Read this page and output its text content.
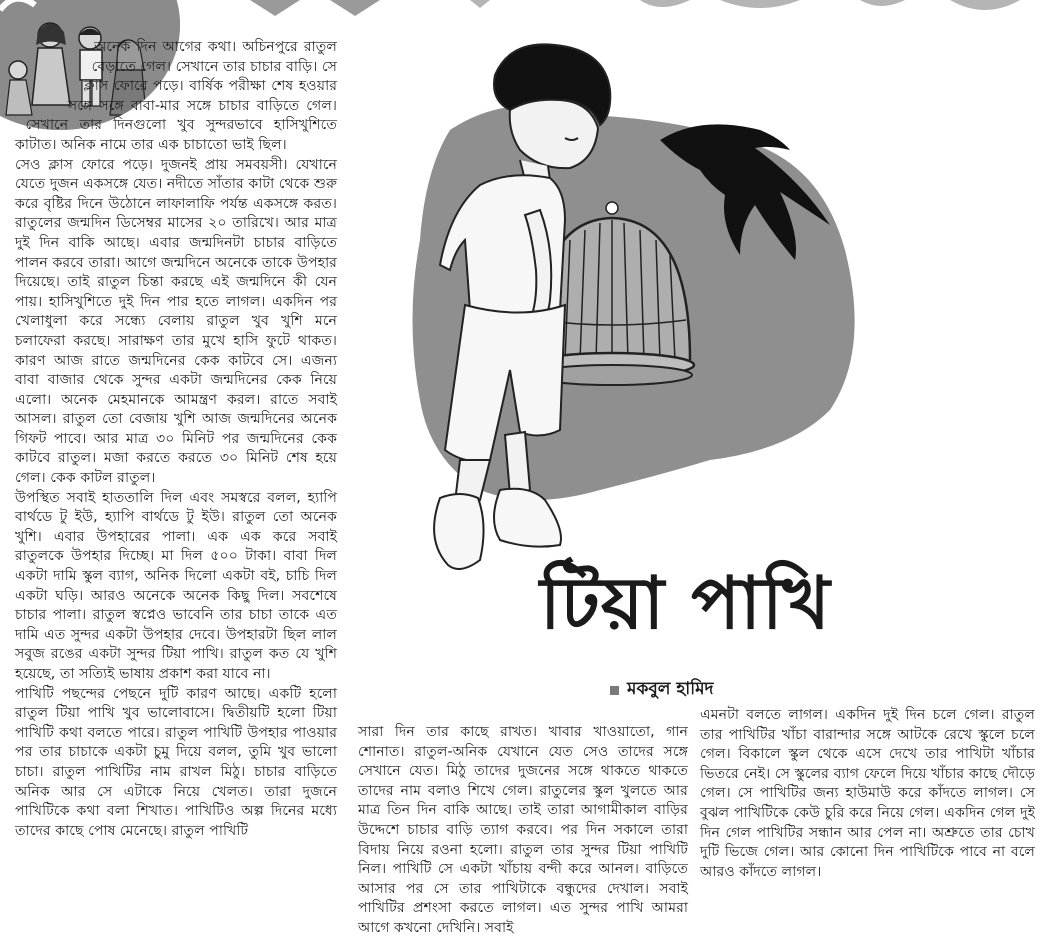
অনেক দিন আগের কথা। অচিনপুরে রাতুল বেড়াতে গেল। সেখানে তার চাচার বাড়ি। সে ক্লাস ফোরে পড়ে। বার্ষিক পরীক্ষা শেষ হওয়ার সঙ্গে সঙ্গে বাবা-মার সঙ্গে চাচার বাড়িতে গেল। সেখানে তার দিনগুলো খুব সুন্দরভাবে হাসিখুশিতে কাটাত। অনিক নামে তার এক চাচাতো ভাই ছিল।

সেও ক্লাস ফোরে পড়ে। দুজনই প্রায় সমবয়সী। যেখানে যেতে দুজন একসঙ্গে যেত। নদীতে সাঁতার কাটা থেকে শুরু করে বৃষ্টির দিনে উঠোনে লাফালাফি পর্যন্ত একসঙ্গে করত। রাতুলের জন্মদিন ডিসেম্বর মাসের ২০ তারিখে। আর মাত্র দুই দিন বাকি আছে। এবার জন্মদিনটা চাচার বাড়িতে পালন করবে তারা। আগে জন্মদিনে অনেকে তাকে উপহার দিয়েছে। তাই রাতুল চিন্তা করছে এই জন্মদিনে কী যেন পায়। হাসিখুশিতে দুই দিন পার হতে লাগল। একদিন পর খেলাধুলা করে সন্ধ্যে বেলায় রাতুল খুব খুশি মনে চলাফেরা করছে। সারাক্ষণ তার মুখে হাসি ফুটে থাকত। কারণ আজ রাতে জন্মদিনের কেক কাটবে সে। এজন্য বাবা বাজার থেকে সুন্দর একটা জন্মদিনের কেক নিয়ে এলো। অনেক মেহমানকে আমন্ত্রণ করল। রাতে সবাই আসল। রাতুল তো বেজায় খুশি আজ জন্মদিনের অনেক গিফট পাবে। আর মাত্র ৩০ মিনিট পর জন্মদিনের কেক কাটবে রাতুল। মজা করতে করতে ৩০ মিনিট শেষ হয়ে গেল। কেক কাটল রাতুল।

উপস্থিত সবাই হাততালি দিল এবং সমস্বরে বলল, হ্যাপি বার্থডে টু ইউ, হ্যাপি বার্থডে টু ইউ। রাতুল তো অনেক খুশি। এবার উপহারের পালা। এক এক করে সবাই রাতুলকে উপহার দিচ্ছে। মা দিল ৫০০ টাকা। বাবা দিল একটা দামি স্কুল ব্যাগ, অনিক দিলো একটা বই, চাচি দিল একটা ঘড়ি। আরও অনেকে অনেক কিছু দিল। সবশেষে চাচার পালা। রাতুল স্বপ্নেও ভাবেনি তার চাচা তাকে এত দামি এত সুন্দর একটা উপহার দেবে। উপহারটা ছিল লাল সবুজ রঙের একটা সুন্দর টিয়া পাখি। রাতুল কত যে খুশি হয়েছে, তা সত্যিই ভাষায় প্রকাশ করা যাবে না।

পাখিটি পছন্দের পেছনে দুটি কারণ আছে। একটি হলো রাতুল টিয়া পাখি খুব ভালোবাসে। দ্বিতীয়টি হলো টিয়া পাখিটি কথা বলতে পারে। রাতুল পাখিটি উপহার পাওয়ার পর তার চাচাকে একটা চুমু দিয়ে বলল, তুমি খুব ভালো চাচা। রাতুল পাখিটির নাম রাখল মিঠু। চাচার বাড়িতে অনিক আর সে এটাকে নিয়ে খেলত। তারা দুজনে পাখিটিকে কথা বলা শিখাত। পাখিটিও অল্প দিনের মধ্যে তাদের কাছে পোষ মেনেছে। রাতুল পাখিটি

টিয়া পাখি
মকবুল হামিদ

সারা দিন তার কাছে রাখত। খাবার খাওয়াতো, গান শোনাত। রাতুল-অনিক যেখানে যেত সেও তাদের সঙ্গে সেখানে যেত। মিঠু তাদের দুজনের সঙ্গে থাকতে থাকতে তাদের নাম বলাও শিখে গেল। রাতুলের স্কুল খুলতে আর মাত্র তিন দিন বাকি আছে। তাই তারা আগামীকাল বাড়ির উদ্দেশে চাচার বাড়ি ত্যাগ করবে। পর দিন সকালে তারা বিদায় নিয়ে রওনা হলো। রাতুল তার সুন্দর টিয়া পাখিটি নিল। পাখিটি সে একটা খাঁচায় বন্দী করে আনল। বাড়িতে আসার পর সে তার পাখিটাকে বন্ধুদের দেখাল। সবাই পাখিটির প্রশংসা করতে লাগল। এত সুন্দর পাখি আমরা আগে কখনো দেখিনি। সবাই

এমনটা বলতে লাগল। একদিন দুই দিন চলে গেল। রাতুল তার পাখিটির খাঁচা বারান্দার সঙ্গে আটকে রেখে স্কুলে চলে গেল। বিকালে স্কুল থেকে এসে দেখে তার পাখিটা খাঁচার ভিতরে নেই। সে স্কুলের ব্যাগ ফেলে দিয়ে খাঁচার কাছে দৌড়ে গেল। সে পাখিটির জন্য হাউমাউ করে কাঁদতে লাগল। সে বুঝল পাখিটিকে কেউ চুরি করে নিয়ে গেল। একদিন গেল দুই দিন গেল পাখিটির সন্ধান আর পেল না। অশ্রুতে তার চোখ দুটি ভিজে গেল। আর কোনো দিন পাখিটিকে পাবে না বলে আরও কাঁদতে লাগল।
